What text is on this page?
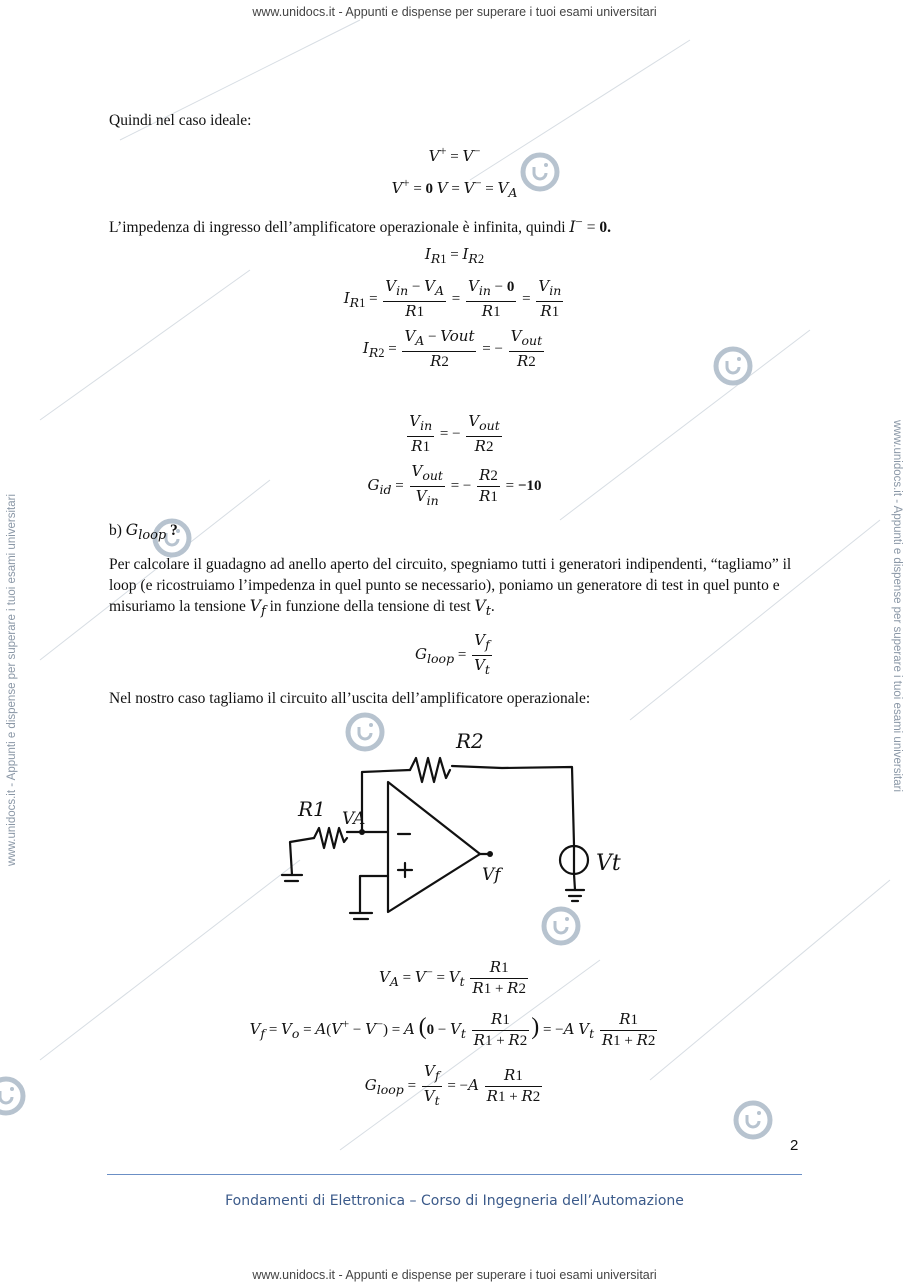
www.unidocs.it - Appunti e dispense per superare i tuoi esami universitari
www.unidocs.it - Appunti e dispense per superare i tuoi esami universitari
www.unidocs.it - Appunti e dispense per superare i tuoi esami universitari	www.unidocs.it - Appunti e dispense per superare i tuoi esami universitari
Quindi nel caso ideale:
V+ = V−
V+ = 0 $V = V^- = V_A$
L’impedenza di ingresso dell’amplificatore operazionale è infinita, quindi I− = 0.
$I_{R1} = I_{R2}$
$I_{R1} = \frac{V_{in} - V_A}{R1} = \frac{V_{in} - 0}{R1} = \frac{V_{in}}{R1}$
$I_{R2} = \frac{V_A - Vout}{R2}$ = − $\frac{V_{out}}{R2}$
$\frac{V_{in}}{R1}$ = − $\frac{V_{out}}{R2}$
$G_{id} = \frac{V_{out}}{V_{in}}$ = − $\frac{R2}{R1} = -10$
b) $G_{loop}$ ?
Per calcolare il guadagno ad anello aperto del circuito, spegniamo tutti i generatori indipendenti, “tagliamo” il loop (e ricostruiamo l’impedenza in quel punto se necessario), poniamo un generatore di test in quel punto e misuriamo la tensione $V_f$ in funzione della tensione di test $V_t$.
$G_{loop} = \frac{V_f}{V_t}$
Nel nostro caso tagliamo il circuito all’uscita dell’amplificatore operazionale:
R2
R1 VA
Vf	Vt
$V_A = V^- = V_t \frac{R1}{R1 + R2}$
$V_f = V_o = A(V^+ - V^-) = A$ ($0 - V_t \frac{R1}{R1 + R2}$ ) = −A $V_t \frac{R1}{R1 + R2}$
$G_{loop} = \frac{V_f}{V_t} = -A \frac{R1}{R1 + R2}$
2
Fondamenti di Elettronica – Corso di Ingegneria dell’Automazione
